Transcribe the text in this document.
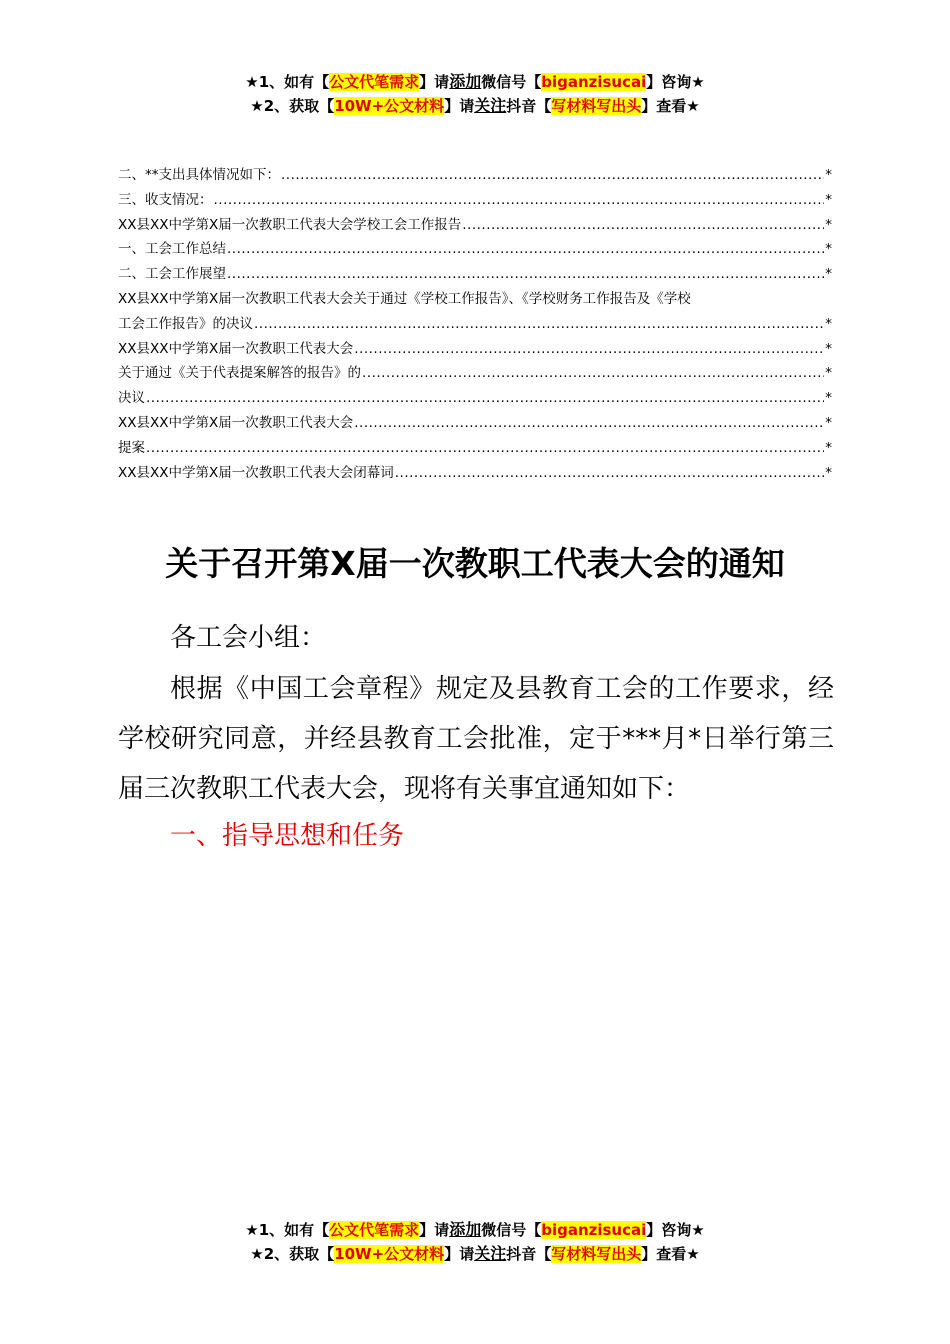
★1、如有【公文代笔需求】请添加微信号【biganzisucai】咨询★
★2、获取【10W+公文材料】请关注抖音【写材料写出头】查看★
二、**支出具体情况如下： .....	*
三、收支情况： .....	*
XX县XX中学第X届一次教职工代表大会学校工会工作报告 .....	*
一、工会工作总结 .....	*
二、工会工作展望 .....	*
XX县XX中学第X届一次教职工代表大会关于通过《学校工作报告》、《学校财务工作报告及《学校
工会工作报告》的决议 .....	*
XX县XX中学第X届一次教职工代表大会 .....	*
关于通过《关于代表提案解答的报告》的 .....	*
决议 .....	*
XX县XX中学第X届一次教职工代表大会 .....	*
提案 .....	*
XX县XX中学第X届一次教职工代表大会闭幕词 .....	*
关于召开第X届一次教职工代表大会的通知
各工会小组：
根据《中国工会章程》规定及县教育工会的工作要求，经
学校研究同意，并经县教育工会批准，定于***月*日举行第三
届三次教职工代表大会，现将有关事宜通知如下：
一、指导思想和任务
★1、如有【公文代笔需求】请添加微信号【biganzisucai】咨询★
★2、获取【10W+公文材料】请关注抖音【写材料写出头】查看★
